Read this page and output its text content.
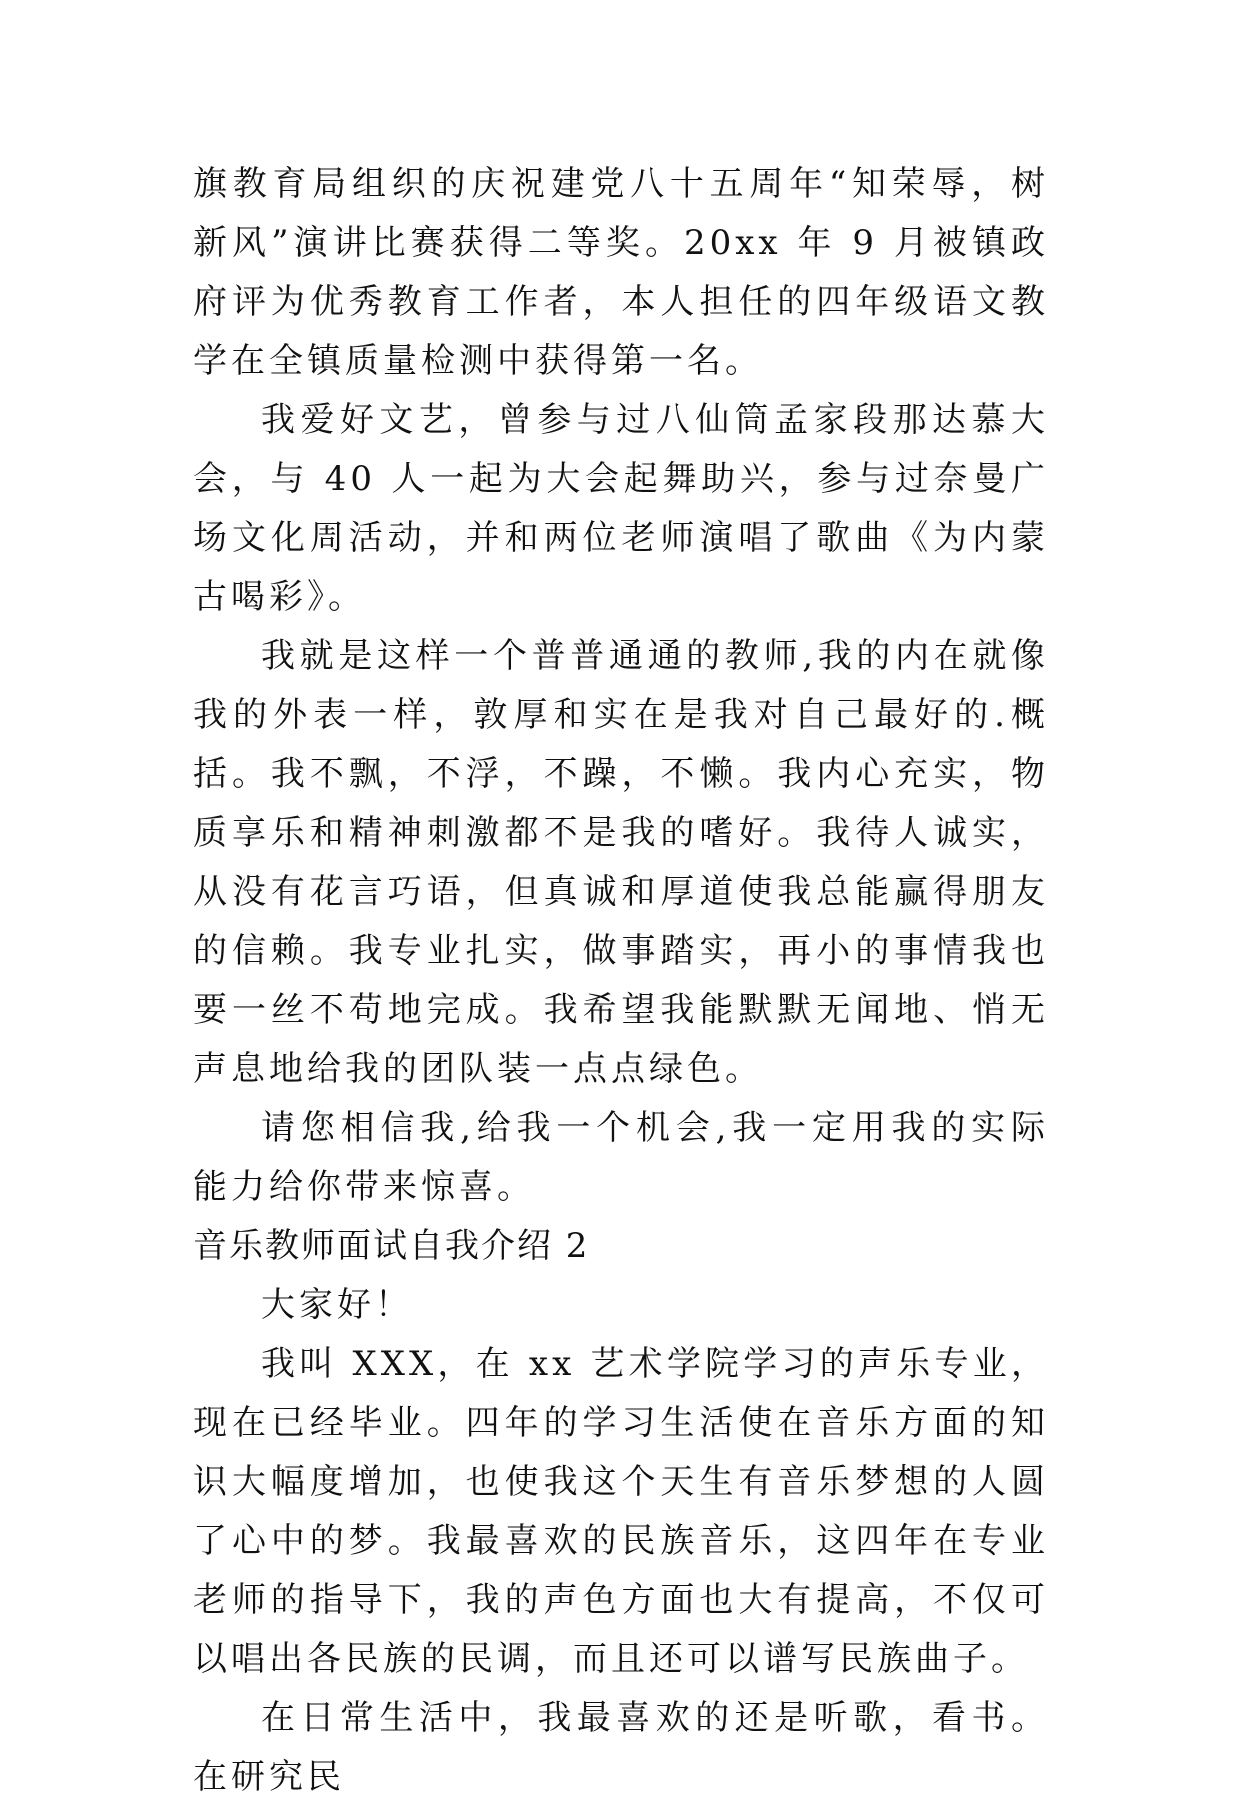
旗教育局组织的庆祝建党八十五周年“知荣辱，树新风”演讲比赛获得二等奖。20xx 年 9 月被镇政府评为优秀教育工作者，本人担任的四年级语文教学在全镇质量检测中获得第一名。

我爱好文艺，曾参与过八仙筒孟家段那达慕大会，与 40 人一起为大会起舞助兴，参与过奈曼广场文化周活动，并和两位老师演唱了歌曲《为内蒙古喝彩》。

我就是这样一个普普通通的教师,我的内在就像我的外表一样，敦厚和实在是我对自己最好的.概括。我不飘，不浮，不躁，不懒。我内心充实，物质享乐和精神刺激都不是我的嗜好。我待人诚实，从没有花言巧语，但真诚和厚道使我总能赢得朋友的信赖。我专业扎实，做事踏实，再小的事情我也要一丝不苟地完成。我希望我能默默无闻地、悄无声息地给我的团队装一点点绿色。

请您相信我,给我一个机会,我一定用我的实际能力给你带来惊喜。

音乐教师面试自我介绍 2

大家好！

我叫 XXX，在 xx 艺术学院学习的声乐专业，现在已经毕业。四年的学习生活使在音乐方面的知识大幅度增加，也使我这个天生有音乐梦想的人圆了心中的梦。我最喜欢的民族音乐，这四年在专业老师的指导下，我的声色方面也大有提高，不仅可以唱出各民族的民调，而且还可以谱写民族曲子。

在日常生活中，我最喜欢的还是听歌，看书。在研究民
